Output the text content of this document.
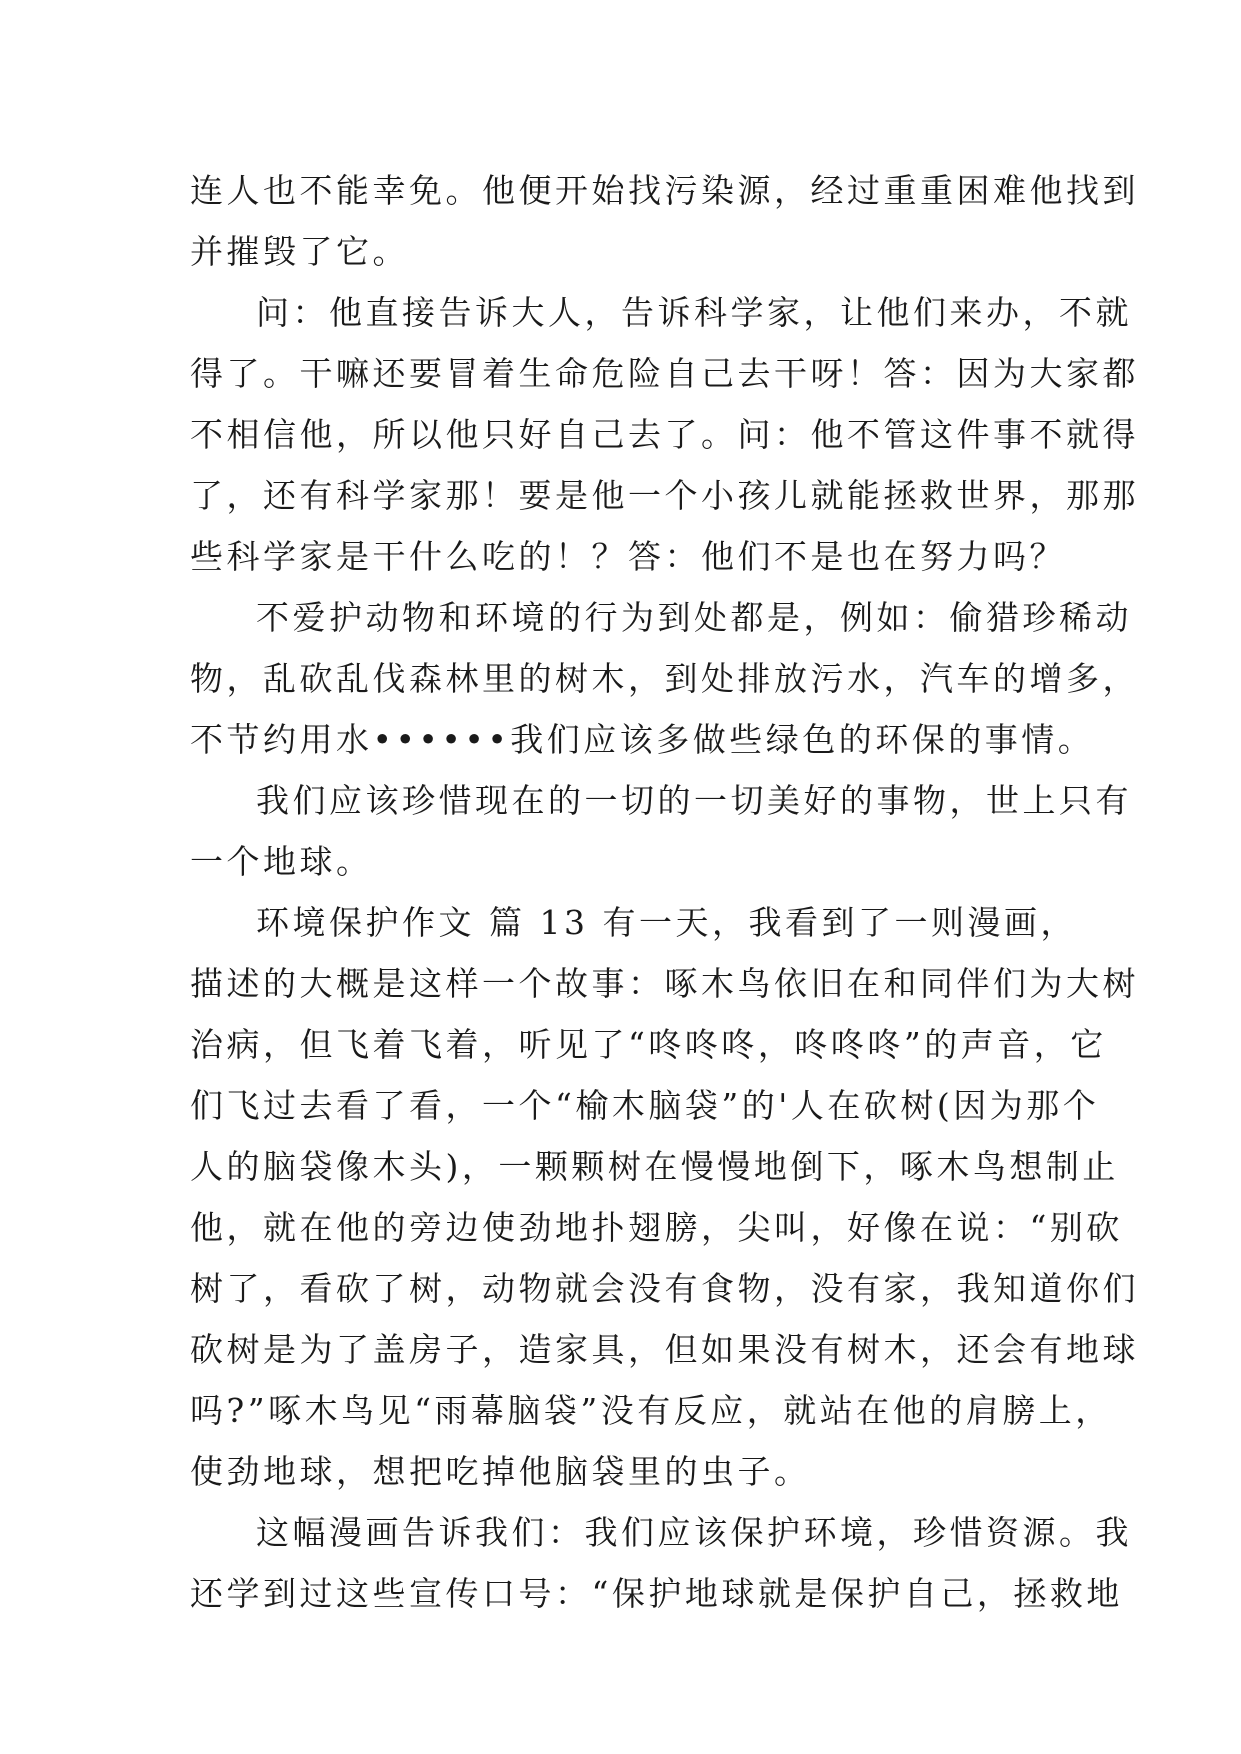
连人也不能幸免。他便开始找污染源，经过重重困难他找到
并摧毁了它。
问：他直接告诉大人，告诉科学家，让他们来办，不就
得了。干嘛还要冒着生命危险自己去干呀！答：因为大家都
不相信他，所以他只好自己去了。问：他不管这件事不就得
了，还有科学家那！要是他一个小孩儿就能拯救世界，那那
些科学家是干什么吃的！？答：他们不是也在努力吗？
不爱护动物和环境的行为到处都是，例如：偷猎珍稀动
物，乱砍乱伐森林里的树木，到处排放污水，汽车的增多，
不节约用水••••••我们应该多做些绿色的环保的事情。
我们应该珍惜现在的一切的一切美好的事物，世上只有
一个地球。
环境保护作文 篇 13 有一天，我看到了一则漫画，
描述的大概是这样一个故事：啄木鸟依旧在和同伴们为大树
治病，但飞着飞着，听见了“咚咚咚，咚咚咚”的声音，它
们飞过去看了看，一个“榆木脑袋”的'人在砍树(因为那个
人的脑袋像木头)，一颗颗树在慢慢地倒下，啄木鸟想制止
他，就在他的旁边使劲地扑翅膀，尖叫，好像在说：“别砍
树了，看砍了树，动物就会没有食物，没有家，我知道你们
砍树是为了盖房子，造家具，但如果没有树木，还会有地球
吗?”啄木鸟见“雨幕脑袋”没有反应，就站在他的肩膀上，
使劲地球，想把吃掉他脑袋里的虫子。
这幅漫画告诉我们：我们应该保护环境，珍惜资源。我
还学到过这些宣传口号：“保护地球就是保护自己，拯救地
